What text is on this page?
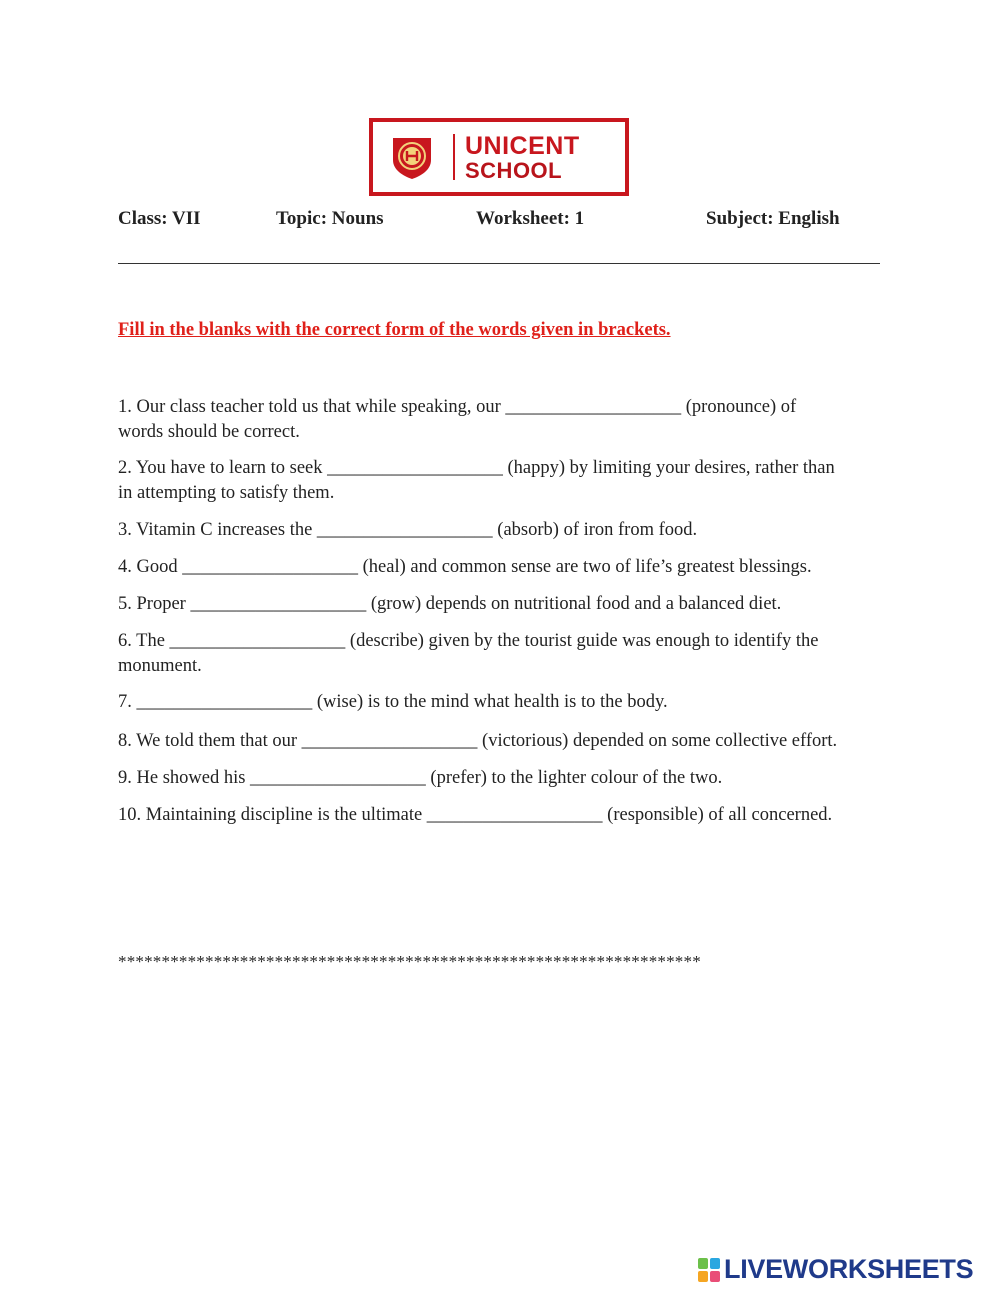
UNICENT
SCHOOL
Class: VII	Topic: Nouns	Worksheet: 1	Subject: English
Fill in the blanks with the correct form of the words given in brackets.
1. Our class teacher told us that while speaking, our ___________________ (pronounce) of
words should be correct.
2. You have to learn to seek ___________________ (happy) by limiting your desires, rather than
in attempting to satisfy them.
3. Vitamin C increases the ___________________ (absorb) of iron from food.
4. Good ___________________ (heal) and common sense are two of life’s greatest blessings.
5. Proper ___________________ (grow) depends on nutritional food and a balanced diet.
6. The ___________________ (describe) given by the tourist guide was enough to identify the
monument.
7. ___________________ (wise) is to the mind what health is to the body.
8. We told them that our ___________________ (victorious) depended on some collective effort.
9. He showed his ___________________ (prefer) to the lighter colour of the two.
10. Maintaining discipline is the ultimate ___________________ (responsible) of all concerned.
*******************************************************************
LIVEWORKSHEETS
